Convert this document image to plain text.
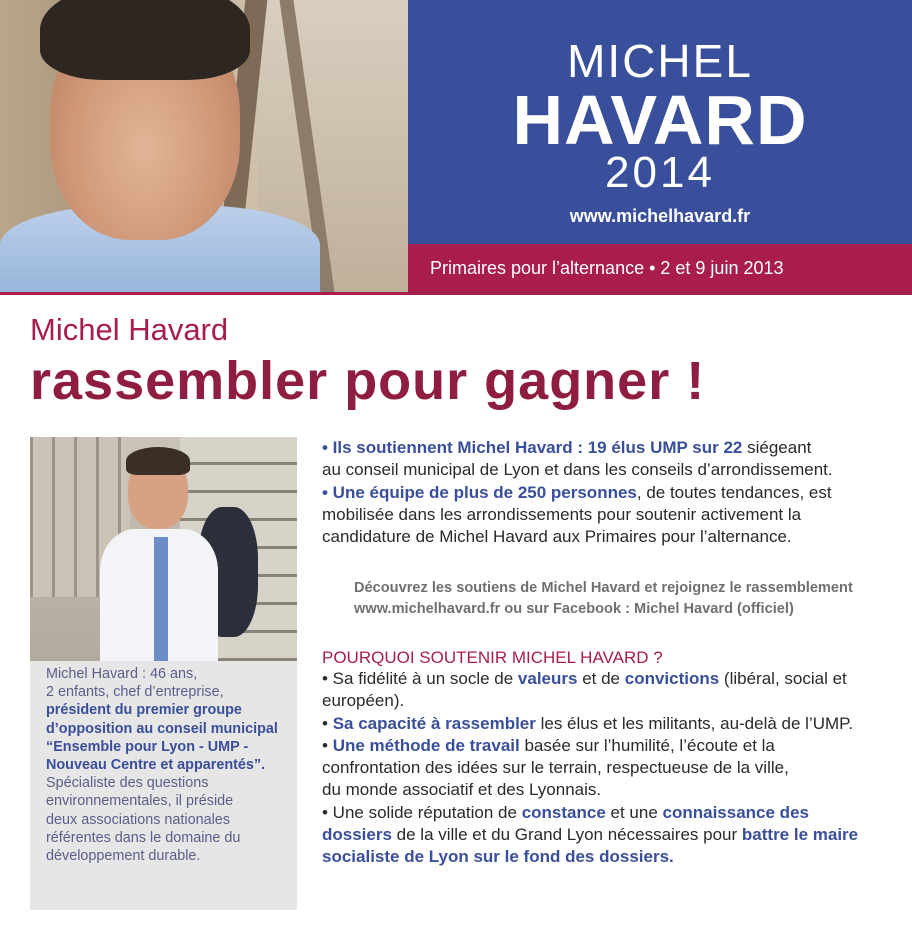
MICHEL
HAVARD
2014
www.michelhavard.fr
Primaires pour l’alternance • 2 et 9 juin 2013
Michel Havard
rassembler pour gagner !
Michel Havard : 46 ans,
2 enfants, chef d’entreprise,
président du premier groupe
d’opposition au conseil municipal
“Ensemble pour Lyon - UMP -
Nouveau Centre et apparentés”.
Spécialiste des questions
environnementales, il préside
deux associations nationales
référentes dans le domaine du
développement durable.

• Ils soutiennent Michel Havard : 19 élus UMP sur 22 siégeant

au conseil municipal de Lyon et dans les conseils d’arrondissement.

• Une équipe de plus de 250 personnes, de toutes tendances, est

mobilisée dans les arrondissements pour soutenir activement la

candidature de Michel Havard aux Primaires pour l’alternance.

Découvrez les soutiens de Michel Havard et rejoignez le rassemblement

www.michelhavard.fr ou sur Facebook : Michel Havard (officiel)

POURQUOI SOUTENIR MICHEL HAVARD ?

• Sa fidélité à un socle de valeurs et de convictions (libéral, social et

européen).

• Sa capacité à rassembler les élus et les militants, au-delà de l’UMP.

• Une méthode de travail basée sur l’humilité, l’écoute et la

confrontation des idées sur le terrain, respectueuse de la ville,

du monde associatif et des Lyonnais.

• Une solide réputation de constance et une connaissance des

dossiers de la ville et du Grand Lyon nécessaires pour battre le maire

socialiste de Lyon sur le fond des dossiers.
